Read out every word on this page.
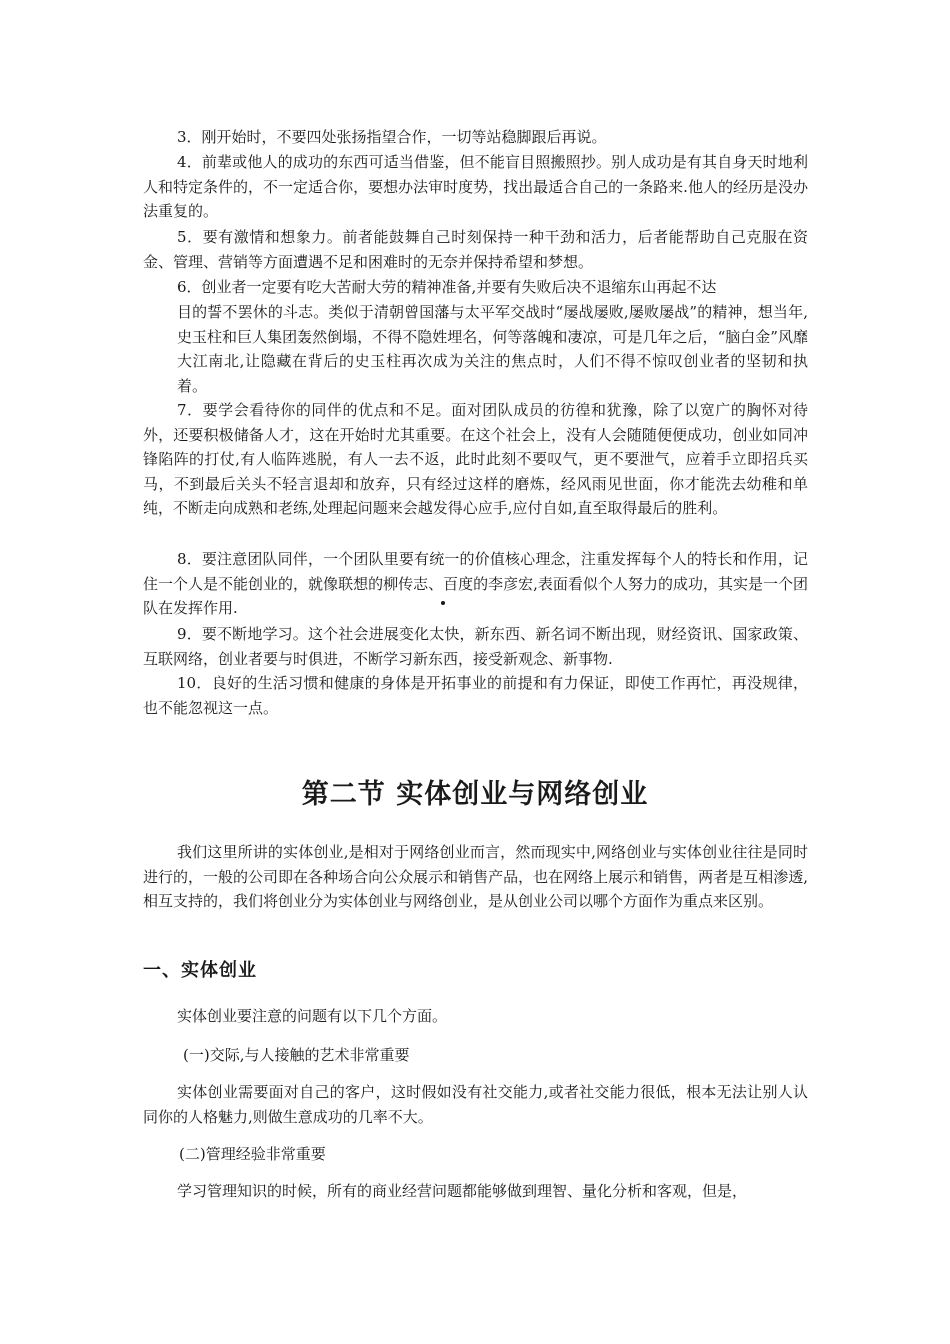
3．刚开始时，不要四处张扬指望合作，一切等站稳脚跟后再说。

4．前辈或他人的成功的东西可适当借鉴，但不能盲目照搬照抄。别人成功是有其自身天时地利人和特定条件的，不一定适合你，要想办法审时度势，找出最适合自己的一条路来.他人的经历是没办法重复的。

5．要有激情和想象力。前者能鼓舞自己时刻保持一种干劲和活力，后者能帮助自己克服在资金、管理、营销等方面遭遇不足和困难时的无奈并保持希望和梦想。

6．创业者一定要有吃大苦耐大劳的精神准备,并要有失败后决不退缩东山再起不达

目的誓不罢休的斗志。类似于清朝曾国藩与太平军交战时“屡战屡败,屡败屡战”的精神，想当年,史玉柱和巨人集团轰然倒塌，不得不隐姓埋名，何等落魄和凄凉，可是几年之后，“脑白金”风靡大江南北,让隐藏在背后的史玉柱再次成为关注的焦点时，人们不得不惊叹创业者的坚韧和执着。

7．要学会看待你的同伴的优点和不足。面对团队成员的彷徨和犹豫，除了以宽广的胸怀对待外，还要积极储备人才，这在开始时尤其重要。在这个社会上，没有人会随随便便成功，创业如同冲锋陷阵的打仗,有人临阵逃脱，有人一去不返，此时此刻不要叹气，更不要泄气，应着手立即招兵买马，不到最后关头不轻言退却和放弃，只有经过这样的磨炼，经风雨见世面，你才能洗去幼稚和单纯，不断走向成熟和老练,处理起问题来会越发得心应手,应付自如,直至取得最后的胜利。

8．要注意团队同伴，一个团队里要有统一的价值核心理念，注重发挥每个人的特长和作用，记住一个人是不能创业的，就像联想的柳传志、百度的李彦宏,表面看似个人努力的成功，其实是一个团队在发挥作用.

9．要不断地学习。这个社会进展变化太快，新东西、新名词不断出现，财经资讯、国家政策、互联网络，创业者要与时俱进，不断学习新东西，接受新观念、新事物.

10．良好的生活习惯和健康的身体是开拓事业的前提和有力保证，即使工作再忙，再没规律，也不能忽视这一点。

第二节 实体创业与网络创业

我们这里所讲的实体创业,是相对于网络创业而言，然而现实中,网络创业与实体创业往往是同时进行的，一般的公司即在各种场合向公众展示和销售产品，也在网络上展示和销售，两者是互相渗透,相互支持的，我们将创业分为实体创业与网络创业，是从创业公司以哪个方面作为重点来区别。

一、实体创业

实体创业要注意的问题有以下几个方面。

(一)交际,与人接触的艺术非常重要

实体创业需要面对自己的客户，这时假如没有社交能力,或者社交能力很低，根本无法让别人认同你的人格魅力,则做生意成功的几率不大。

(二)管理经验非常重要

学习管理知识的时候，所有的商业经营问题都能够做到理智、量化分析和客观，但是，
